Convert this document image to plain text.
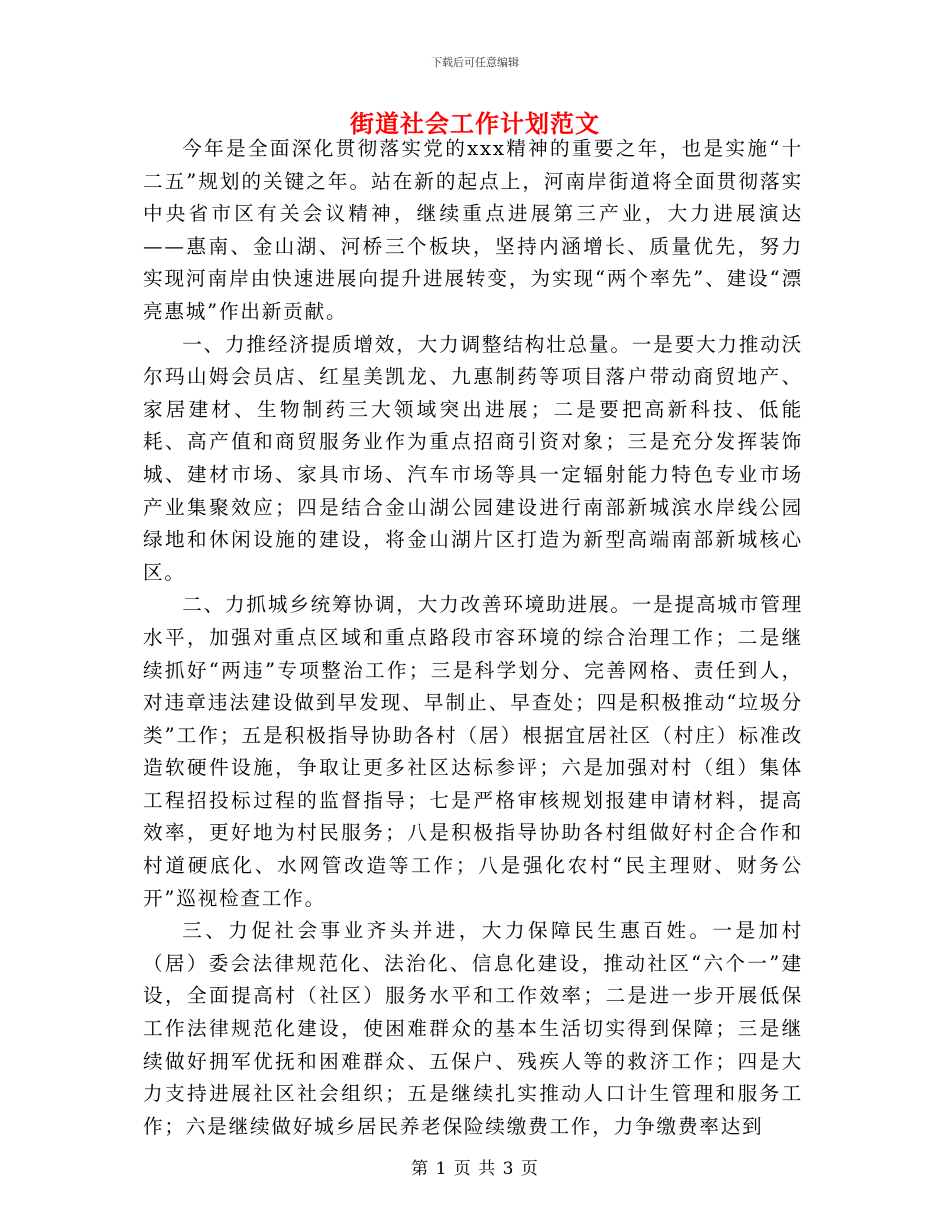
下载后可任意编辑
街道社会工作计划范文

今年是全面深化贯彻落实党的xxx精神的重要之年，也是实施“十二五”规划的关键之年。站在新的起点上，河南岸街道将全面贯彻落实中央省市区有关会议精神，继续重点进展第三产业，大力进展演达——惠南、金山湖、河桥三个板块，坚持内涵增长、质量优先，努力实现河南岸由快速进展向提升进展转变，为实现“两个率先”、建设“漂亮惠城”作出新贡献。

一、力推经济提质增效，大力调整结构壮总量。一是要大力推动沃尔玛山姆会员店、红星美凯龙、九惠制药等项目落户带动商贸地产、家居建材、生物制药三大领域突出进展；二是要把高新科技、低能耗、高产值和商贸服务业作为重点招商引资对象；三是充分发挥装饰城、建材市场、家具市场、汽车市场等具一定辐射能力特色专业市场产业集聚效应；四是结合金山湖公园建设进行南部新城滨水岸线公园绿地和休闲设施的建设，将金山湖片区打造为新型高端南部新城核心区。

二、力抓城乡统筹协调，大力改善环境助进展。一是提高城市管理水平，加强对重点区域和重点路段市容环境的综合治理工作；二是继续抓好“两违”专项整治工作；三是科学划分、完善网格、责任到人，对违章违法建设做到早发现、早制止、早查处；四是积极推动“垃圾分类”工作；五是积极指导协助各村（居）根据宜居社区（村庄）标准改造软硬件设施，争取让更多社区达标参评；六是加强对村（组）集体工程招投标过程的监督指导；七是严格审核规划报建申请材料，提高效率，更好地为村民服务；八是积极指导协助各村组做好村企合作和村道硬底化、水网管改造等工作；八是强化农村“民主理财、财务公开”巡视检查工作。

三、力促社会事业齐头并进，大力保障民生惠百姓。一是加村（居）委会法律规范化、法治化、信息化建设，推动社区“六个一”建设，全面提高村（社区）服务水平和工作效率；二是进一步开展低保工作法律规范化建设，使困难群众的基本生活切实得到保障；三是继续做好拥军优抚和困难群众、五保户、残疾人等的救济工作；四是大力支持进展社区社会组织；五是继续扎实推动人口计生管理和服务工作；六是继续做好城乡居民养老保险续缴费工作，力争缴费率达到

第 1 页 共 3 页
